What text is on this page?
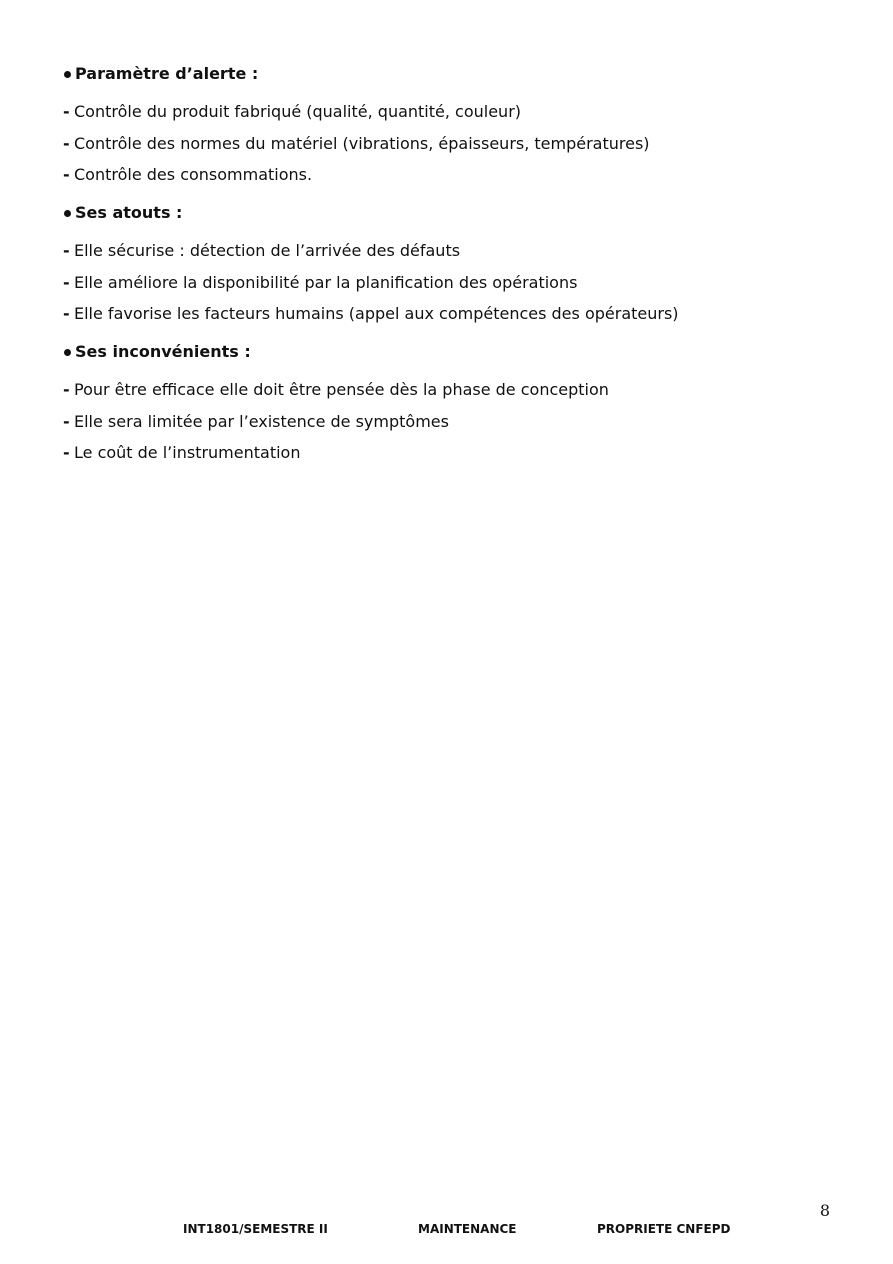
Paramètre d’alerte :
- Contrôle du produit fabriqué (qualité, quantité, couleur)
- Contrôle des normes du matériel (vibrations, épaisseurs, températures)
- Contrôle des consommations.
Ses atouts :
- Elle sécurise : détection de l’arrivée des défauts
- Elle améliore la disponibilité par la planification des opérations
- Elle favorise les facteurs humains (appel aux compétences des opérateurs)
Ses inconvénients :
- Pour être efficace elle doit être pensée dès la phase de conception
- Elle sera limitée par l’existence de symptômes
- Le coût de l’instrumentation
8
INT1801/SEMESTRE II	MAINTENANCE	PROPRIETE CNFEPD
